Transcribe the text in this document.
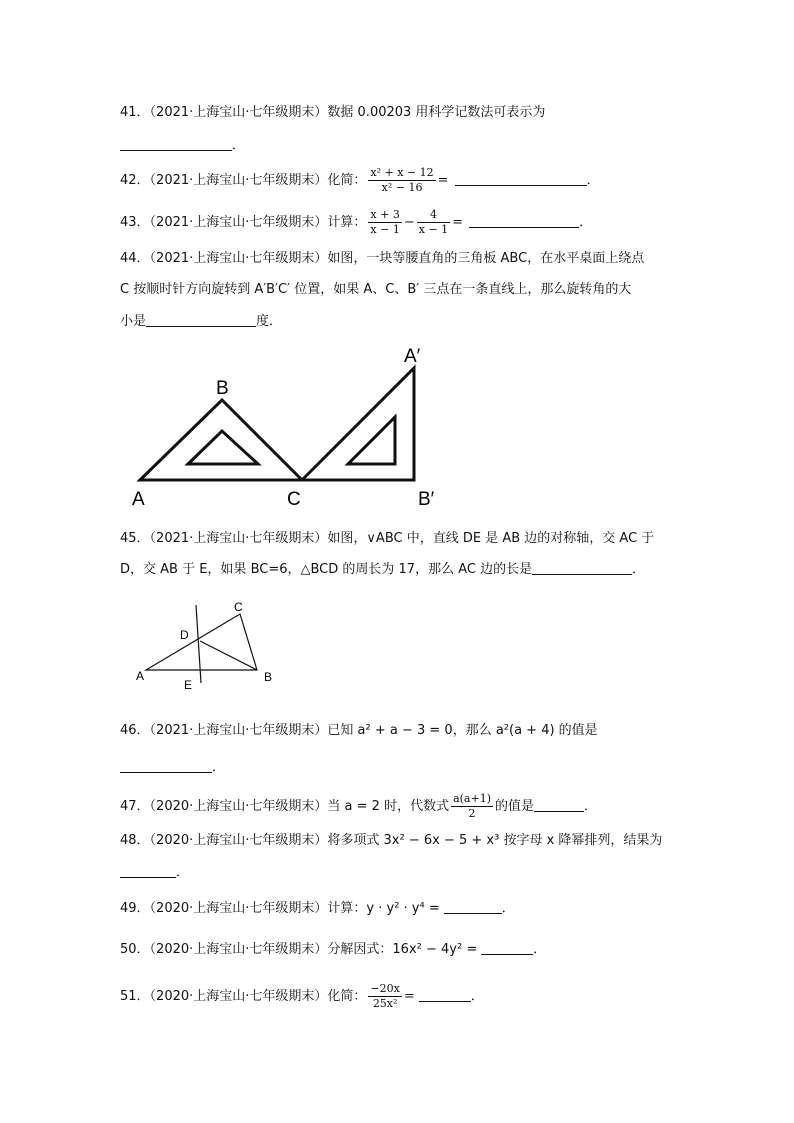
41．（2021·上海宝山·七年级期末）数据 0.00203 用科学记数法可表示为
．
42．（2021·上海宝山·七年级期末）化简： $\frac{\text{x² + x − 12}}{\text{x² − 16}}$ =	．
43．（2021·上海宝山·七年级期末）计算： $\frac{x + 3}{x - 1} - \frac{4}{x - 1}$ =	．
44．（2021·上海宝山·七年级期末）如图，一块等腰直角的三角板 ABC，在水平桌面上绕点
C 按顺时针方向旋转到 A′B′C′ 位置，如果 A、C、B′ 三点在一条直线上，那么旋转角的大
小是	度．
B
A	C
A′
B′
45．（2021·上海宝山·七年级期末）如图，∨ABC 中，直线 DE 是 AB 边的对称轴，交 AC 于
D，交 AB 于 E，如果 BC=6，△BCD 的周长为 17，那么 AC 边的长是	．
C
D
A
E
B
46．（2021·上海宝山·七年级期末）已知 a² + a − 3 = 0，那么 a²(a + 4) 的值是
．
47．（2020·上海宝山·七年级期末）当 a = 2 时，代数式 $\frac{a(a+1)}{2}$ 的值是	．
48．（2020·上海宝山·七年级期末）将多项式 3x² − 6x − 5 + x³ 按字母 x 降幂排列，结果为
．
49．（2020·上海宝山·七年级期末）计算：y · y² · y⁴ =	．
50．（2020·上海宝山·七年级期末）分解因式：16x² − 4y² =	．
51．（2020·上海宝山·七年级期末）化简： $\frac{-20x}{\text{25x²}}$ =	．
